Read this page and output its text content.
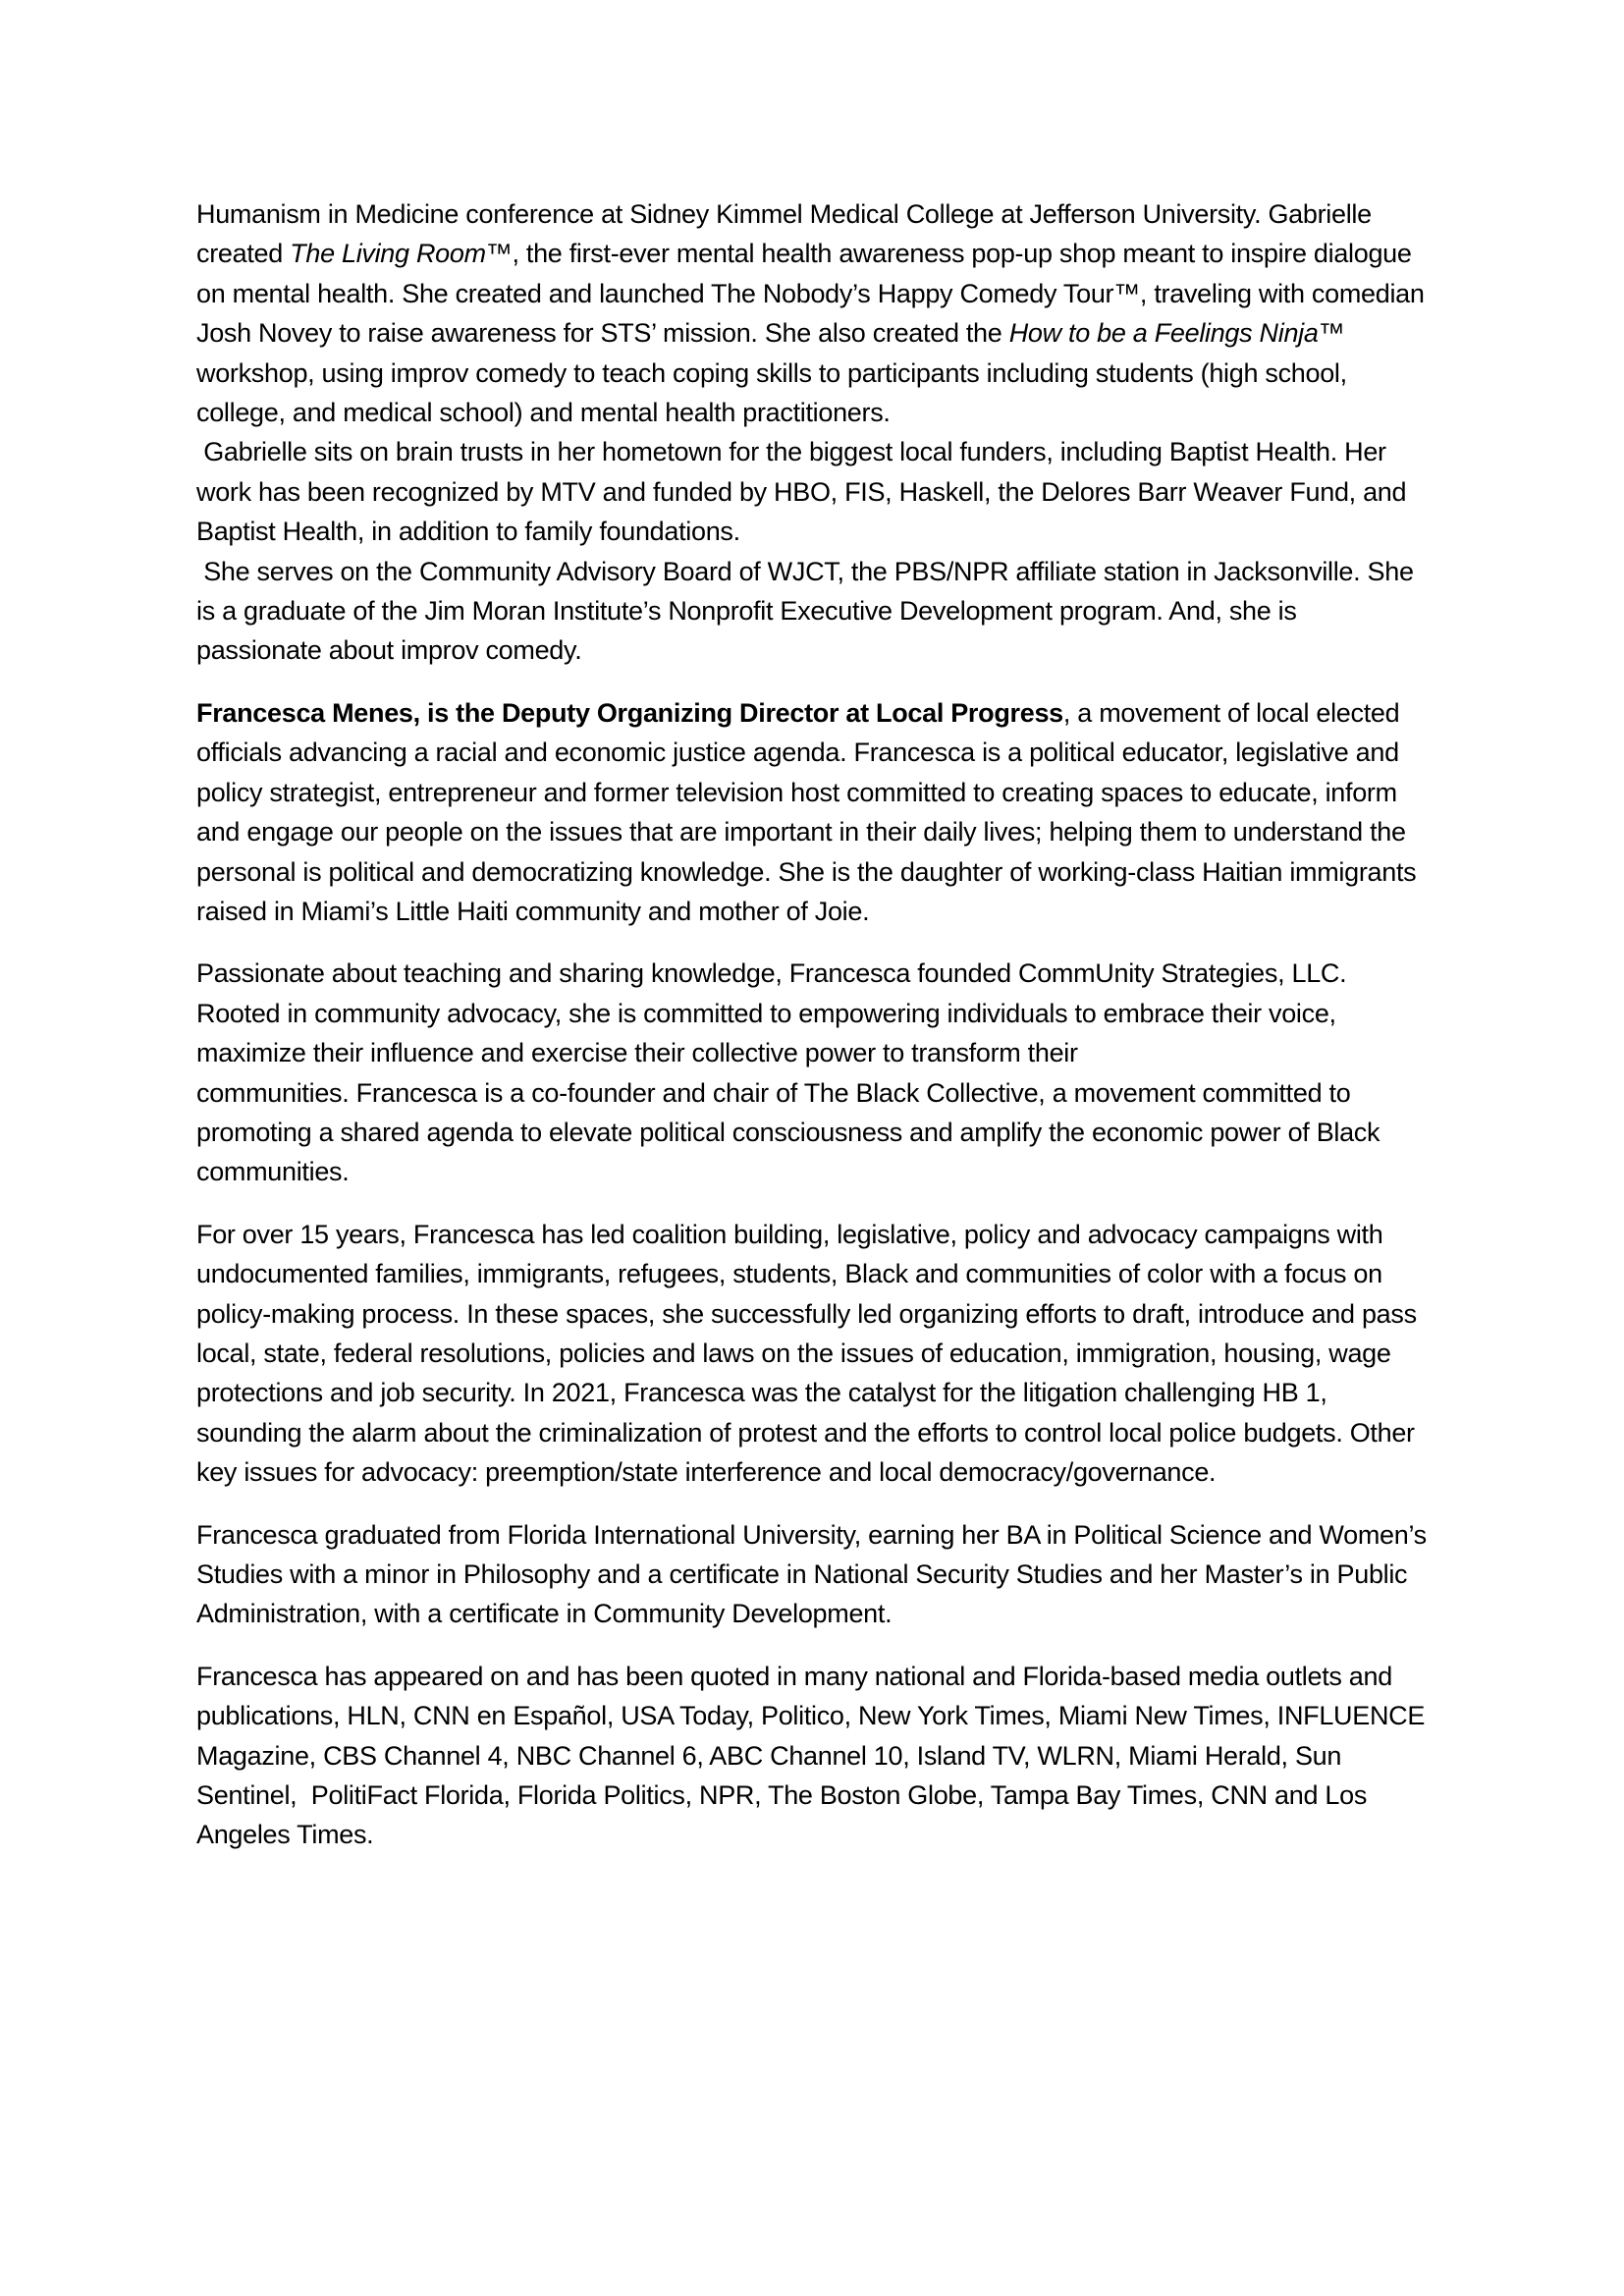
Humanism in Medicine conference at Sidney Kimmel Medical College at Jefferson University. Gabrielle created The Living Room™, the first-ever mental health awareness pop-up shop meant to inspire dialogue on mental health. She created and launched The Nobody’s Happy Comedy Tour™, traveling with comedian Josh Novey to raise awareness for STS’ mission. She also created the How to be a Feelings Ninja™ workshop, using improv comedy to teach coping skills to participants including students (high school, college, and medical school) and mental health practitioners.
Gabrielle sits on brain trusts in her hometown for the biggest local funders, including Baptist Health. Her work has been recognized by MTV and funded by HBO, FIS, Haskell, the Delores Barr Weaver Fund, and Baptist Health, in addition to family foundations.
She serves on the Community Advisory Board of WJCT, the PBS/NPR affiliate station in Jacksonville. She is a graduate of the Jim Moran Institute’s Nonprofit Executive Development program. And, she is passionate about improv comedy.

Francesca Menes, is the Deputy Organizing Director at Local Progress, a movement of local elected officials advancing a racial and economic justice agenda. Francesca is a political educator, legislative and policy strategist, entrepreneur and former television host committed to creating spaces to educate, inform and engage our people on the issues that are important in their daily lives; helping them to understand the personal is political and democratizing knowledge. She is the daughter of working-class Haitian immigrants raised in Miami’s Little Haiti community and mother of Joie.

Passionate about teaching and sharing knowledge, Francesca founded CommUnity Strategies, LLC. Rooted in community advocacy, she is committed to empowering individuals to embrace their voice, maximize their influence and exercise their collective power to transform their
communities. Francesca is a co-founder and chair of The Black Collective, a movement committed to promoting a shared agenda to elevate political consciousness and amplify the economic power of Black communities.

For over 15 years, Francesca has led coalition building, legislative, policy and advocacy campaigns with undocumented families, immigrants, refugees, students, Black and communities of color with a focus on policy-making process. In these spaces, she successfully led organizing efforts to draft, introduce and pass local, state, federal resolutions, policies and laws on the issues of education, immigration, housing, wage protections and job security. In 2021, Francesca was the catalyst for the litigation challenging HB 1, sounding the alarm about the criminalization of protest and the efforts to control local police budgets. Other key issues for advocacy: preemption/state interference and local democracy/governance.

Francesca graduated from Florida International University, earning her BA in Political Science and Women’s Studies with a minor in Philosophy and a certificate in National Security Studies and her Master’s in Public Administration, with a certificate in Community Development.

Francesca has appeared on and has been quoted in many national and Florida-based media outlets and publications, HLN, CNN en Español, USA Today, Politico, New York Times, Miami New Times, INFLUENCE Magazine, CBS Channel 4, NBC Channel 6, ABC Channel 10, Island TV, WLRN, Miami Herald, Sun Sentinel,  PolitiFact Florida, Florida Politics, NPR, The Boston Globe, Tampa Bay Times, CNN and Los Angeles Times.
